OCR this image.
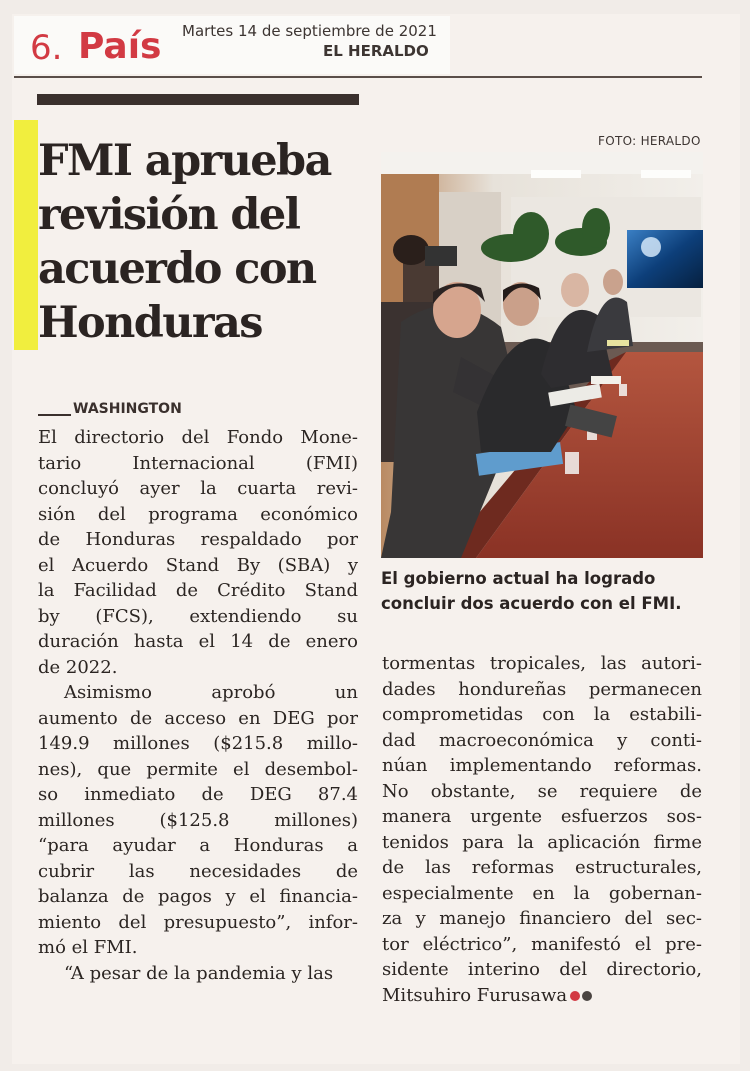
6. País Martes 14 de septiembre de 2021
EL HERALDO
FMI aprueba
revisión del
acuerdo con
Honduras
WASHINGTON

El directorio del Fondo Mone-

tario Internacional (FMI)

concluyó ayer la cuarta revi-

sión del programa económico

de Honduras respaldado por

el Acuerdo Stand By (SBA) y

la Facilidad de Crédito Stand

by (FCS), extendiendo su

duración hasta el 14 de enero

de 2022.

Asimismo aprobó un

aumento de acceso en DEG por

149.9 millones ($215.8 millo-

nes), que permite el desembol-

so inmediato de DEG 87.4

millones ($125.8 millones)

“para ayudar a Honduras a

cubrir las necesidades de

balanza de pagos y el financia-

miento del presupuesto”, infor-

mó el FMI.

“A pesar de la pandemia y las

FOTO: HERALDO

El gobierno actual ha logrado
concluir dos acuerdo con el FMI.

tormentas tropicales, las autori-

dades hondureñas permanecen

comprometidas con la estabili-

dad macroeconómica y conti-

núan implementando reformas.

No obstante, se requiere de

manera urgente esfuerzos sos-

tenidos para la aplicación firme

de las reformas estructurales,

especialmente en la gobernan-

za y manejo financiero del sec-

tor eléctrico”, manifestó el pre-

sidente interino del directorio,

Mitsuhiro Furusawa
